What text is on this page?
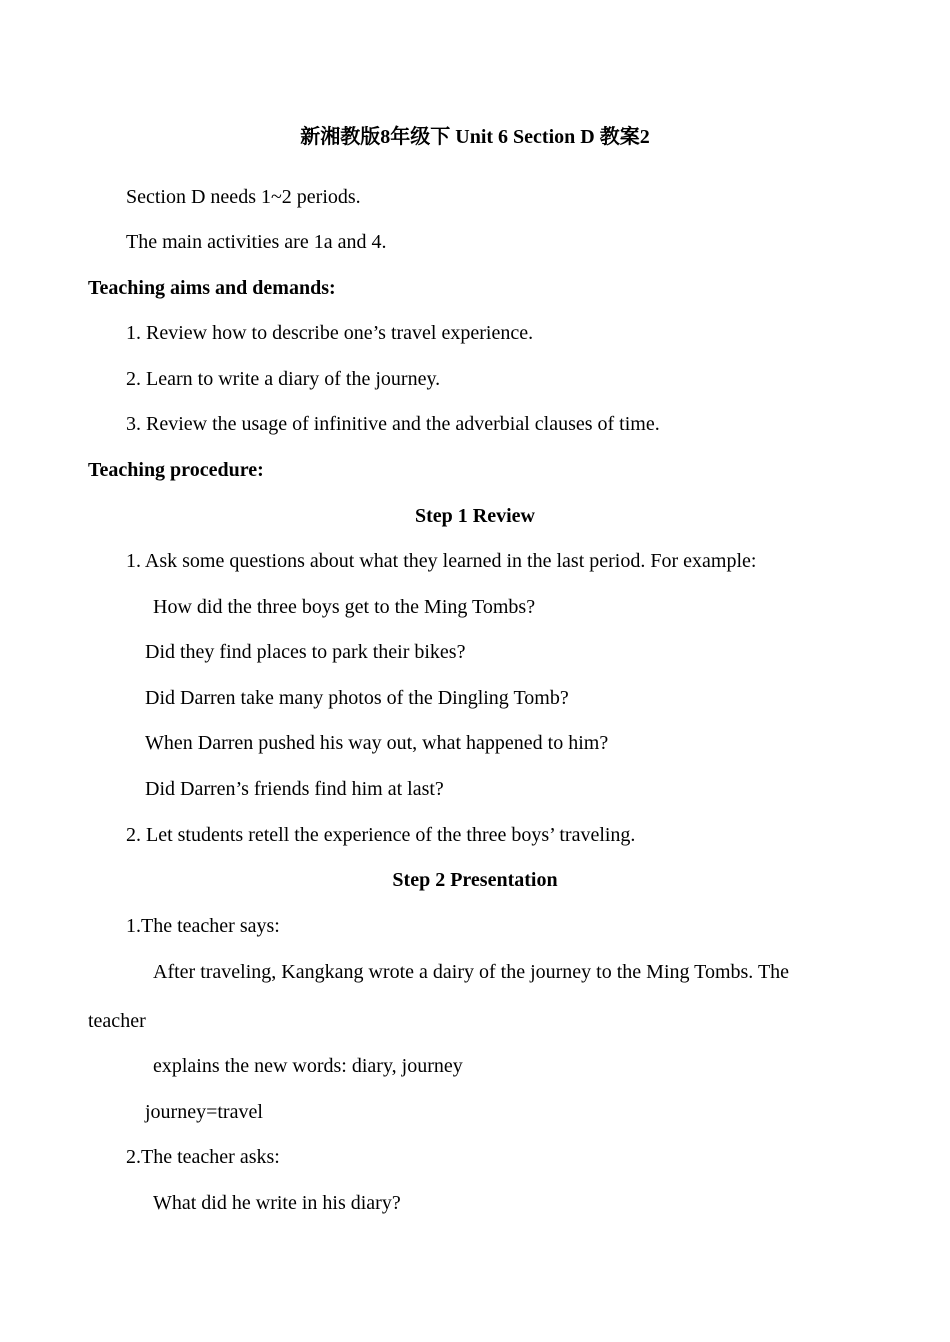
新湘教版8年级下 Unit 6 Section D 教案2
Section D needs 1~2 periods.
The main activities are 1a and 4.
Teaching aims and demands:
1. Review how to describe one’s travel experience.
2. Learn to write a diary of the journey.
3. Review the usage of infinitive and the adverbial clauses of time.
Teaching procedure:
Step 1 Review
1. Ask some questions about what they learned in the last period. For example:
How did the three boys get to the Ming Tombs?
Did they find places to park their bikes?
Did Darren take many photos of the Dingling Tomb?
When Darren pushed his way out, what happened to him?
Did Darren’s friends find him at last?
2. Let students retell the experience of the three boys’ traveling.
Step 2 Presentation
1.The teacher says:
After traveling, Kangkang wrote a dairy of the journey to the Ming Tombs. The
teacher
explains the new words: diary, journey
journey=travel
2.The teacher asks:
What did he write in his diary?
